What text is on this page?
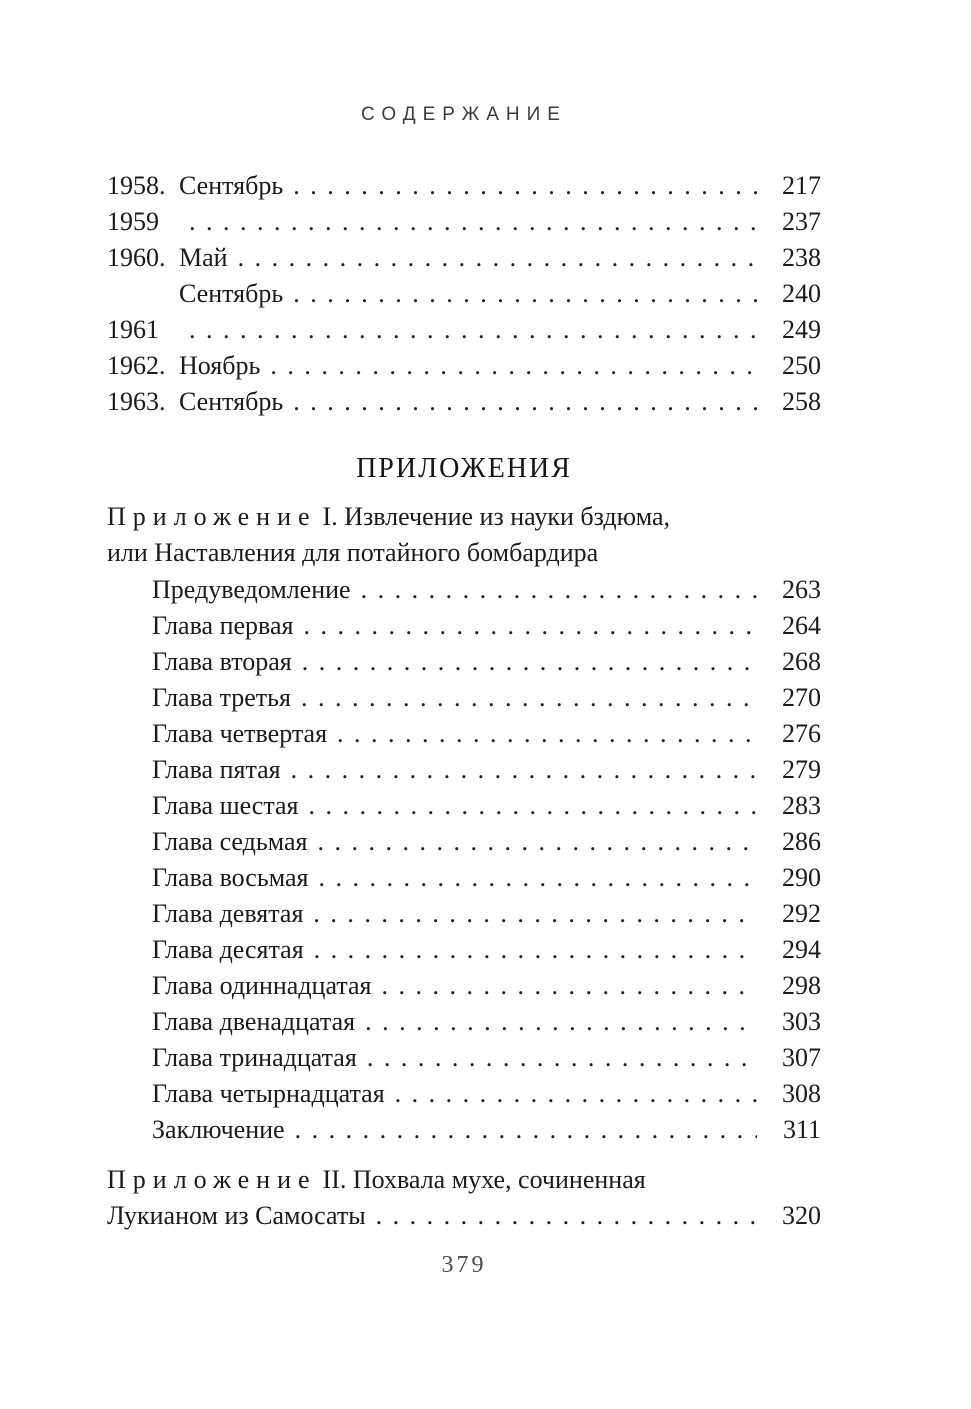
СОДЕРЖАНИЕ
1958. Сентябрь . . .	217
1959 . . .	237
1960. Май . . .	238
Сентябрь . . .	240
1961 . . .	249
1962. Ноябрь . . .	250
1963. Сентябрь . . .	258
ПРИЛОЖЕНИЯ
Приложение I. Извлечение из науки бздюма,
или Наставления для потайного бомбардира
Предуведомление . . .	263
Глава первая . . .	264
Глава вторая . . .	268
Глава третья . . .	270
Глава четвертая . . .	276
Глава пятая . . .	279
Глава шестая . . .	283
Глава седьмая . . .	286
Глава восьмая . . .	290
Глава девятая . . .	292
Глава десятая . . .	294
Глава одиннадцатая . . .	298
Глава двенадцатая . . .	303
Глава тринадцатая . . .	307
Глава четырнадцатая . . .	308
Заключение . . .	311
Приложение II. Похвала мухе, сочиненная
Лукианом из Самосаты . . .	320
379
